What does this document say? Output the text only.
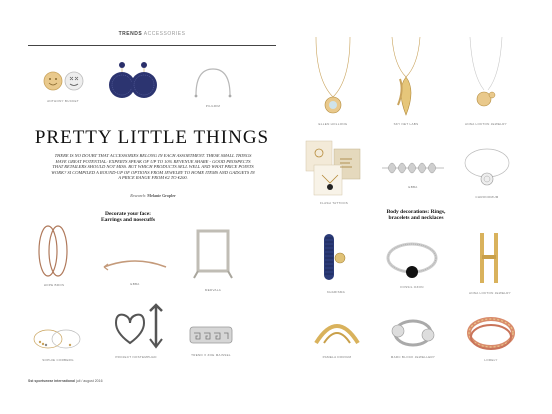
TRENDS ACCESSORIES
ANTHONY BUCKET
PILGRIM
PRETTY LITTLE THINGS
THERE IS NO DOUBT THAT ACCESSORIES BELONG IN EACH ASSORTMENT. THESE SMALL THINGS HAVE GREAT POTENTIAL: EXPERTS SPEAK OF UP TO 10% REVENUE SHARE - GOOD PROSPECTS THAT RETAILERS SHOULD NOT MISS. BUT WHICH PRODUCTS SELL WELL AND WHAT PRICE POINTS WORK? SI COMPILED A ROUND-UP OF OPTIONS FROM JEWELRY TO HOME ITEMS AND GADGETS IN A PRICE RANGE FROM €2 TO €200.
Research: Melanie Gropler
Decorate your face: Earrings and nosecuffs
HOPE BROS	EBBA
MEDVALA
SOPHIE CORBERG
PROJECT NOSTEMPHAD	TREND X ZOE MAISSEL
Sst sportswear international juli / august 2016
ELLEN HOLLONG	SKY NET LABS	ANNA LOKTON JEWELRY
FLASH TATTOOS
EBBA
CHRONOMUM
Body decorations: Rings, bracelets and necklaces
KHARISMA
FOSSIL OZON
ANNA LOKTON JEWELRY
PAMELA DORIUM	MARC BLOCK JEWELLERY
LORELY
